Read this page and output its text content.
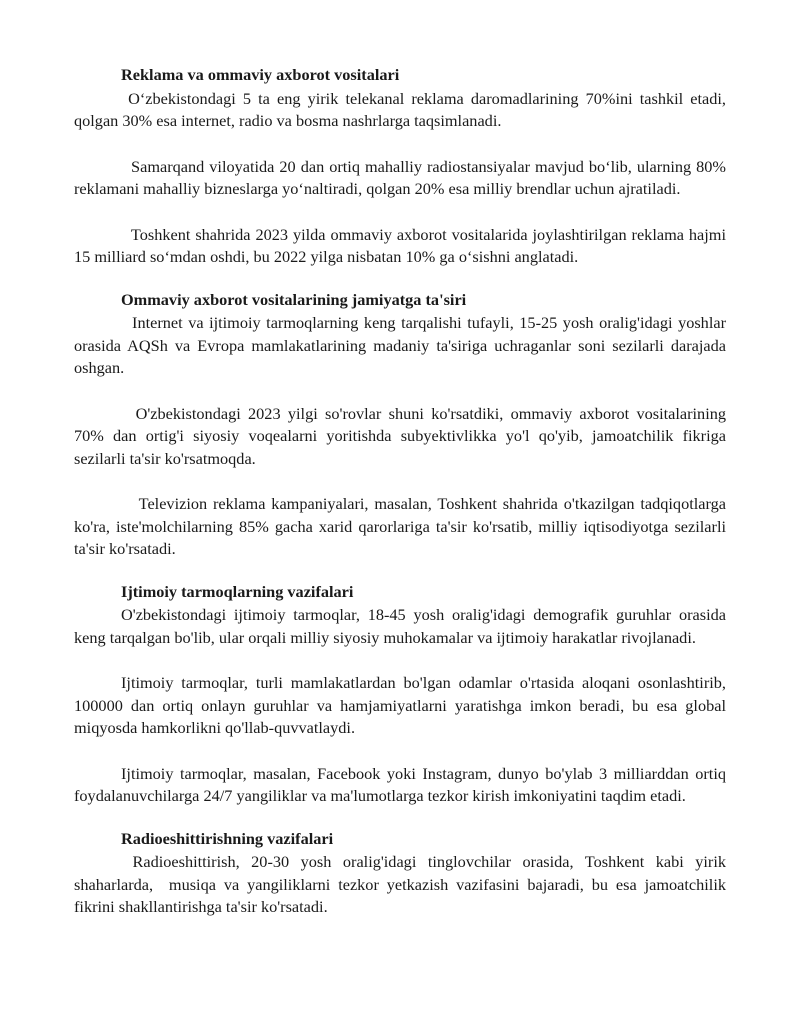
Reklama va ommaviy axborot vositalari

O‘zbekistondagi 5 ta eng yirik telekanal reklama daromadlarining 70%ini tashkil etadi, qolgan 30% esa internet, radio va bosma nashrlarga taqsimlanadi.

Samarqand viloyatida 20 dan ortiq mahalliy radiostansiyalar mavjud bo‘lib, ularning 80% reklamani mahalliy bizneslarga yo‘naltiradi, qolgan 20% esa milliy brendlar uchun ajratiladi.

Toshkent shahrida 2023 yilda ommaviy axborot vositalarida joylashtirilgan reklama hajmi 15 milliard so‘mdan oshdi, bu 2022 yilga nisbatan 10% ga o‘sishni anglatadi.

Ommaviy axborot vositalarining jamiyatga ta'siri

Internet va ijtimoiy tarmoqlarning keng tarqalishi tufayli, 15-25 yosh oralig'idagi yoshlar orasida AQSh va Evropa mamlakatlarining madaniy ta'siriga uchraganlar soni sezilarli darajada oshgan.

O'zbekistondagi 2023 yilgi so'rovlar shuni ko'rsatdiki, ommaviy axborot vositalarining 70% dan ortig'i siyosiy voqealarni yoritishda subyektivlikka yo'l qo'yib, jamoatchilik fikriga sezilarli ta'sir ko'rsatmoqda.

Televizion reklama kampaniyalari, masalan, Toshkent shahrida o'tkazilgan tadqiqotlarga ko'ra, iste'molchilarning 85% gacha xarid qarorlariga ta'sir ko'rsatib, milliy iqtisodiyotga sezilarli ta'sir ko'rsatadi.

Ijtimoiy tarmoqlarning vazifalari

O'zbekistondagi ijtimoiy tarmoqlar, 18-45 yosh oralig'idagi demografik guruhlar orasida keng tarqalgan bo'lib, ular orqali milliy siyosiy muhokamalar va ijtimoiy harakatlar rivojlanadi.

Ijtimoiy tarmoqlar, turli mamlakatlardan bo'lgan odamlar o'rtasida aloqani osonlashtirib, 100000 dan ortiq onlayn guruhlar va hamjamiyatlarni yaratishga imkon beradi, bu esa global miqyosda hamkorlikni qo'llab-quvvatlaydi.

Ijtimoiy tarmoqlar, masalan, Facebook yoki Instagram, dunyo bo'ylab 3 milliarddan ortiq foydalanuvchilarga 24/7 yangiliklar va ma'lumotlarga tezkor kirish imkoniyatini taqdim etadi.

Radioeshittirishning vazifalari

Radioeshittirish, 20-30 yosh oralig'idagi tinglovchilar orasida, Toshkent kabi yirik shaharlarda,  musiqa va yangiliklarni tezkor yetkazish vazifasini bajaradi, bu esa jamoatchilik fikrini shakllantirishga ta'sir ko'rsatadi.
